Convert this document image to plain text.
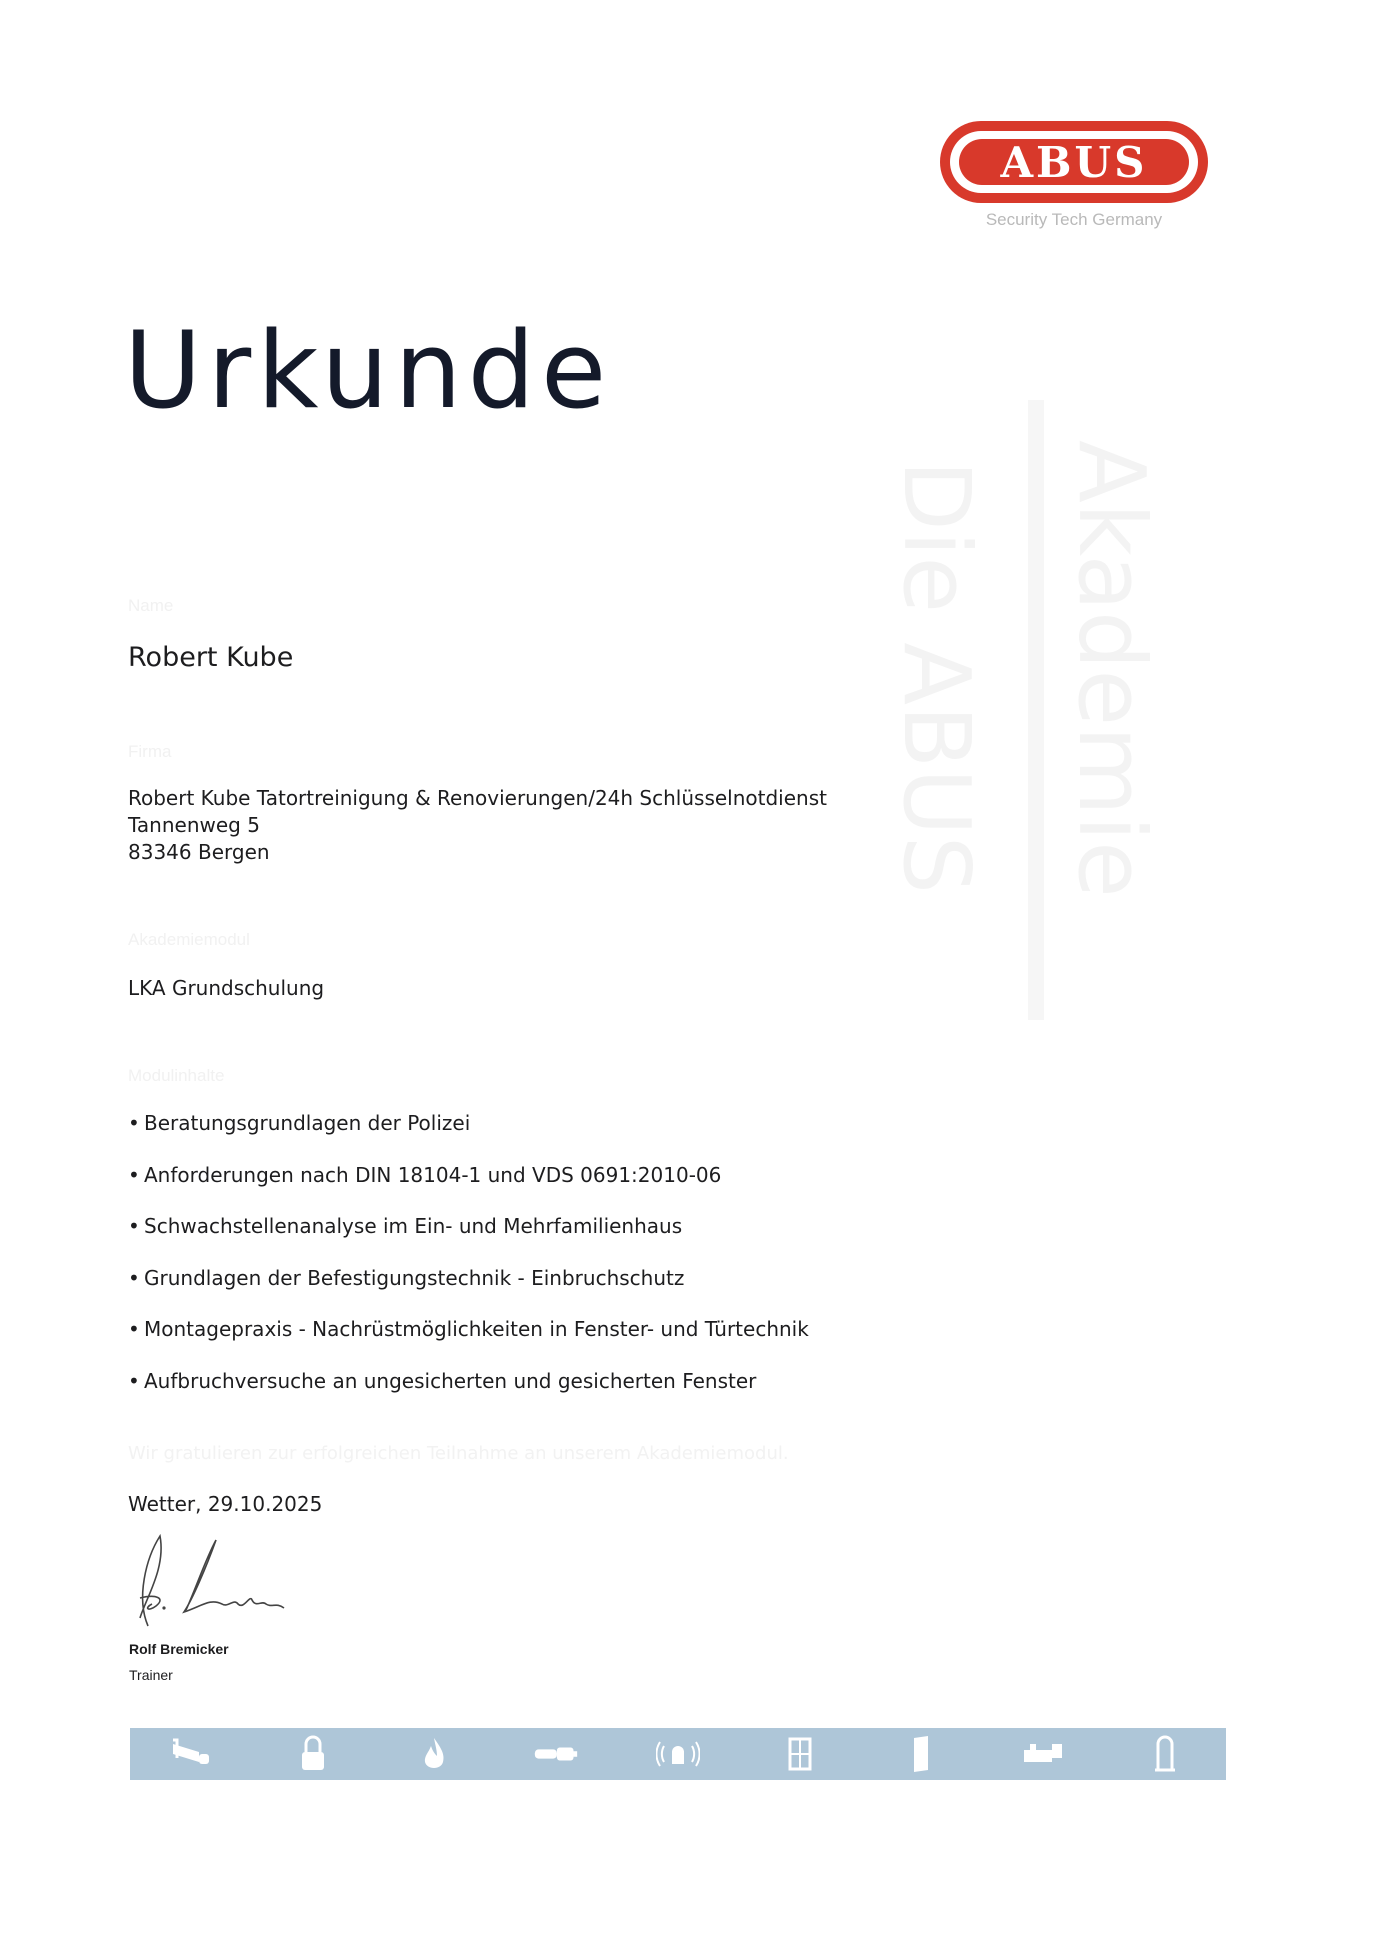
ABUS
Security Tech Germany
Urkunde
Die ABUS Akademie
Name
Robert Kube
Firma
Robert Kube Tatortreinigung & Renovierungen/24h Schlüsselnotdienst
Tannenweg 5
83346 Bergen
Akademiemodul
LKA Grundschulung
Modulinhalte
• Beratungsgrundlagen der Polizei
• Anforderungen nach DIN 18104-1 und VDS 0691:2010-06
• Schwachstellenanalyse im Ein- und Mehrfamilienhaus
• Grundlagen der Befestigungstechnik - Einbruchschutz
• Montagepraxis - Nachrüstmöglichkeiten in Fenster- und Türtechnik
• Aufbruchversuche an ungesicherten und gesicherten Fenster
Wir gratulieren zur erfolgreichen Teilnahme an unserem Akademiemodul.
Wetter, 29.10.2025
Rolf Bremicker
Trainer
